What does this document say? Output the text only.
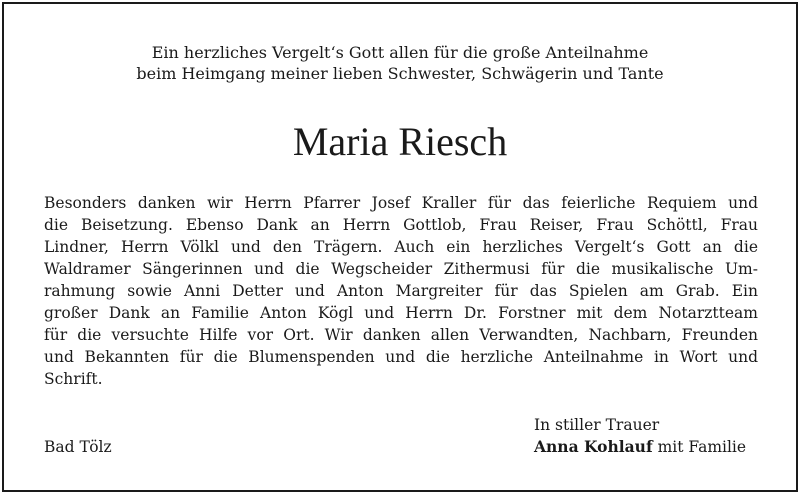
Ein herzliches Vergelt‘s Gott allen für die große Anteilnahme
beim Heimgang meiner lieben Schwester, Schwägerin und Tante
Maria Riesch
Besonders danken wir Herrn Pfarrer Josef Kraller für das feierliche Requiem und
die Beisetzung. Ebenso Dank an Herrn Gottlob, Frau Reiser, Frau Schöttl, Frau
Lindner, Herrn Völkl und den Trägern. Auch ein herzliches Vergelt‘s Gott an die
Waldramer Sängerinnen und die Wegscheider Zithermusi für die musikalische Um-
rahmung sowie Anni Detter und Anton Margreiter für das Spielen am Grab. Ein
großer Dank an Familie Anton Kögl und Herrn Dr. Forstner mit dem Notarztteam
für die versuchte Hilfe vor Ort. Wir danken allen Verwandten, Nachbarn, Freunden
und Bekannten für die Blumenspenden und die herzliche Anteilnahme in Wort und
Schrift.
Bad Tölz
In stiller Trauer
Anna Kohlauf mit Familie
